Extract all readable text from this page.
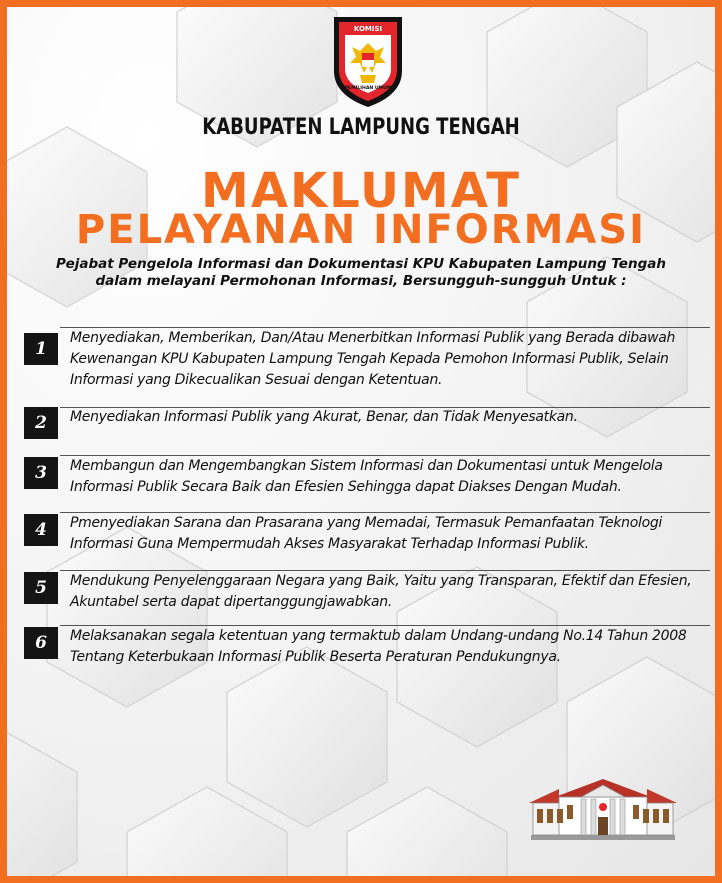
KOMISI
PEMILIHAN UMUM
KABUPATEN LAMPUNG TENGAH
MAKLUMAT
PELAYANAN INFORMASI
Pejabat Pengelola Informasi dan Dokumentasi KPU Kabupaten Lampung Tengah
dalam melayani Permohonan Informasi, Bersungguh-sungguh Untuk :
1
Menyediakan, Memberikan, Dan/Atau Menerbitkan Informasi Publik yang Berada dibawah
Kewenangan KPU Kabupaten Lampung Tengah Kepada Pemohon Informasi Publik, Selain
Informasi yang Dikecualikan Sesuai dengan Ketentuan.
2	Menyediakan Informasi Publik yang Akurat, Benar, dan Tidak Menyesatkan.
3	Membangun dan Mengembangkan Sistem Informasi dan Dokumentasi untuk Mengelola
Informasi Publik Secara Baik dan Efesien Sehingga dapat Diakses Dengan Mudah.
4	Pmenyediakan Sarana dan Prasarana yang Memadai, Termasuk Pemanfaatan Teknologi
Informasi Guna Mempermudah Akses Masyarakat Terhadap Informasi Publik.
5	Mendukung Penyelenggaraan Negara yang Baik, Yaitu yang Transparan, Efektif dan Efesien,
Akuntabel serta dapat dipertanggungjawabkan.
6	Melaksanakan segala ketentuan yang termaktub dalam Undang-undang No.14 Tahun 2008
Tentang Keterbukaan Informasi Publik Beserta Peraturan Pendukungnya.
